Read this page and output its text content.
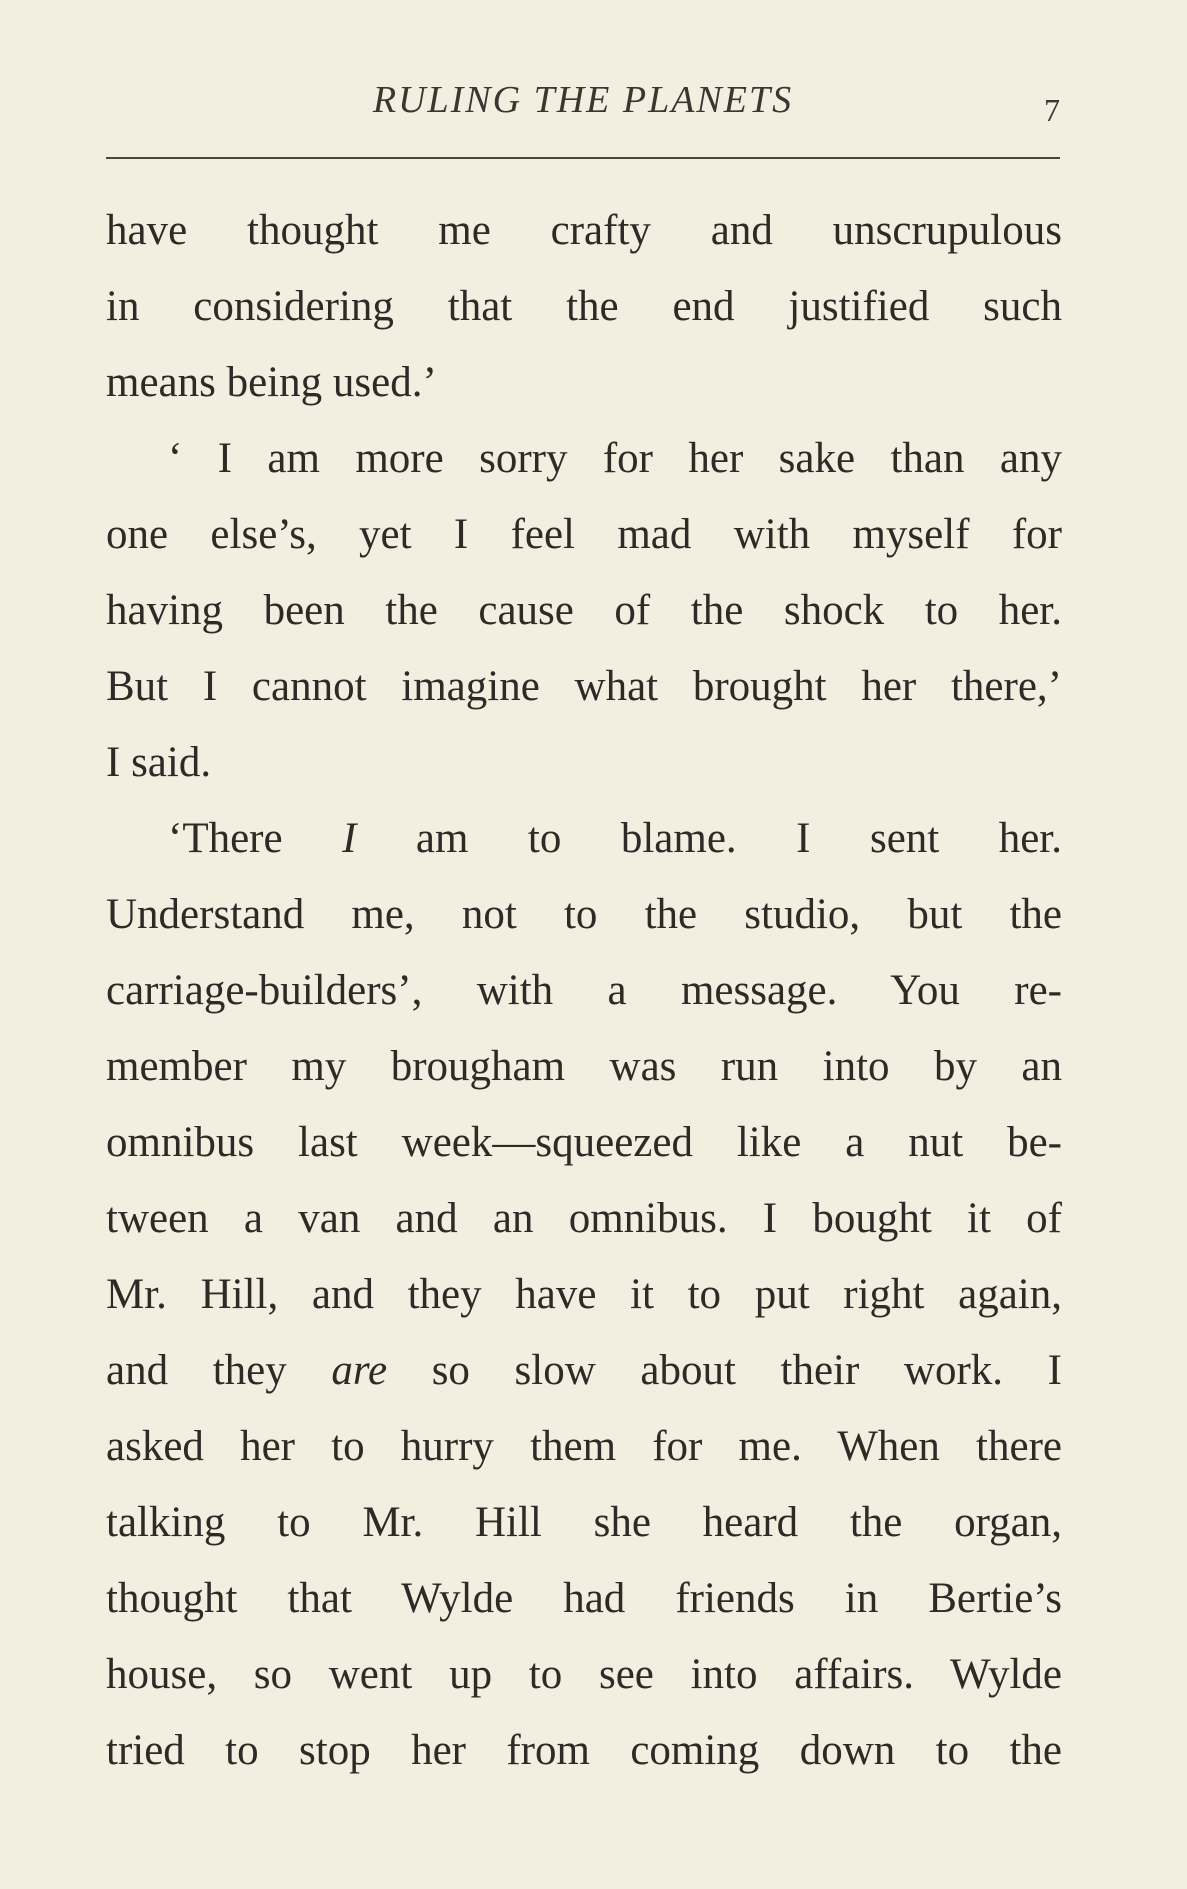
RULING THE PLANETS	7
have thought me crafty and unscrupulous
in considering that the end justified such
means being used.’
‘ I am more sorry for her sake than any
one else’s, yet I feel mad with myself for
having been the cause of the shock to her.
But I cannot imagine what brought her there,’
I said.
‘There I am to blame. I sent her.
Understand me, not to the studio, but the
carriage-builders’, with a message. You re-
member my brougham was run into by an
omnibus last week—squeezed like a nut be-
tween a van and an omnibus. I bought it of
Mr. Hill, and they have it to put right again,
and they are so slow about their work. I
asked her to hurry them for me. When there
talking to Mr. Hill she heard the organ,
thought that Wylde had friends in Bertie’s
house, so went up to see into affairs. Wylde
tried to stop her from coming down to the
